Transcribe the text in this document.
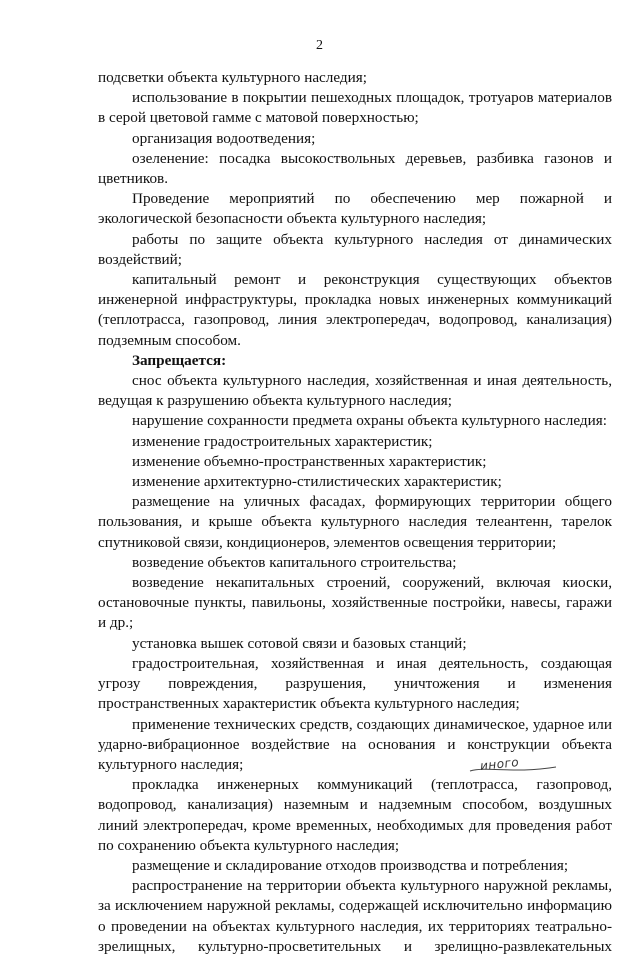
2

подсветки объекта культурного наследия;

использование в покрытии пешеходных площадок, тротуаров материалов в серой цветовой гамме с матовой поверхностью;

организация водоотведения;

озеленение: посадка высокоствольных деревьев, разбивка газонов и цветников.

Проведение мероприятий по обеспечению мер пожарной и экологической безопасности объекта культурного наследия;

работы по защите объекта культурного наследия от динамических воздействий;

капитальный ремонт и реконструкция существующих объектов инженерной инфраструктуры, прокладка новых инженерных коммуникаций (теплотрасса, газопровод, линия электропередач, водопровод, канализация) подземным способом.

Запрещается:

снос объекта культурного наследия, хозяйственная и иная деятельность, ведущая к разрушению объекта культурного наследия;

нарушение сохранности предмета охраны объекта культурного наследия:

изменение градостроительных характеристик;

изменение объемно-пространственных характеристик;

изменение архитектурно-стилистических характеристик;

размещение на уличных фасадах, формирующих территории общего пользования, и крыше объекта культурного наследия телеантенн, тарелок спутниковой связи, кондиционеров, элементов освещения территории;

возведение объектов капитального строительства;

возведение некапитальных строений, сооружений, включая киоски, остановочные пункты, павильоны, хозяйственные постройки, навесы, гаражи и др.;

установка вышек сотовой связи и базовых станций;

градостроительная, хозяйственная и иная деятельность, создающая угрозу повреждения, разрушения, уничтожения и изменения пространственных характеристик объекта культурного наследия;

применение технических средств, создающих динамическое, ударное или ударно-вибрационное воздействие на основания и конструкции объекта культурного наследия;

прокладка инженерных коммуникаций (теплотрасса, газопровод, водопровод, канализация) наземным и надземным способом, воздушных линий электропередач, кроме временных, необходимых для проведения работ по сохранению объекта культурного наследия;

размещение и складирование отходов производства и потребления;

распространение на территории объекта культурного наружной рекламы, за исключением наружной рекламы, содержащей исключительно информацию о проведении на объектах культурного наследия, их территориях театрально-зрелищных, культурно-просветительных и зрелищно-развлекательных

иного
